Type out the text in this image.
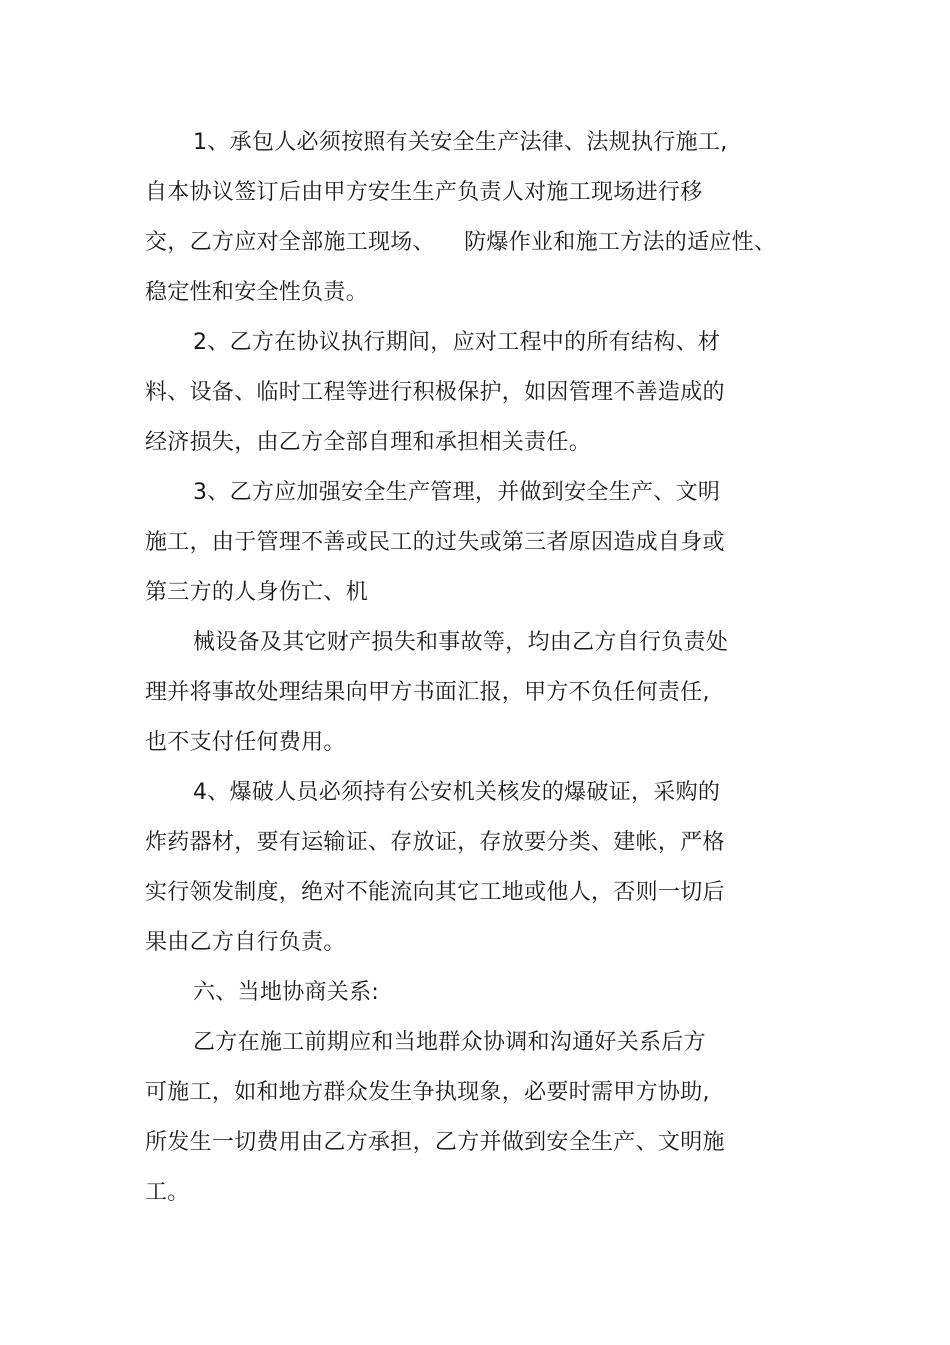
1、承包人必须按照有关安全生产法律、法规执行施工,
自本协议签订后由甲方安生生产负责人对施工现场进行移
交，乙方应对全部施工现场、    防爆作业和施工方法的适应性、
稳定性和安全性负责。
2、乙方在协议执行期间，应对工程中的所有结构、材
料、设备、临时工程等进行积极保护，如因管理不善造成的
经济损失，由乙方全部自理和承担相关责任。
3、乙方应加强安全生产管理，并做到安全生产、文明
施工，由于管理不善或民工的过失或第三者原因造成自身或
第三方的人身伤亡、机
械设备及其它财产损失和事故等，均由乙方自行负责处
理并将事故处理结果向甲方书面汇报，甲方不负任何责任,
也不支付任何费用。
4、爆破人员必须持有公安机关核发的爆破证，采购的
炸药器材，要有运输证、存放证，存放要分类、建帐，严格
实行领发制度，绝对不能流向其它工地或他人，否则一切后
果由乙方自行负责。
六、当地协商关系:
乙方在施工前期应和当地群众协调和沟通好关系后方
可施工，如和地方群众发生争执现象，必要时需甲方协助,
所发生一切费用由乙方承担，乙方并做到安全生产、文明施
工。
